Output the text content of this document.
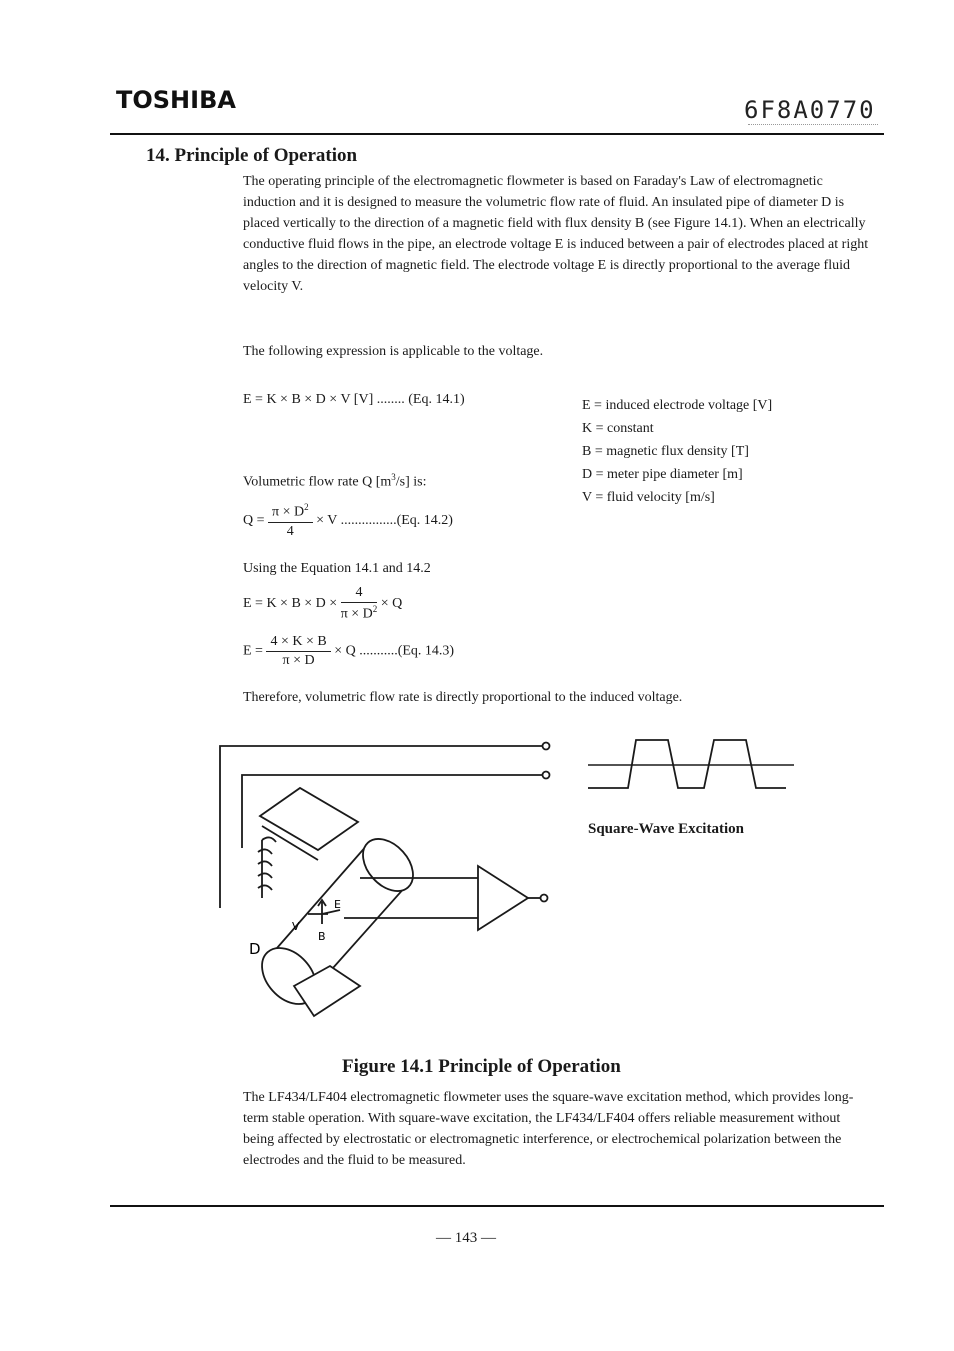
TOSHIBA	6F8A0770
14. Principle of Operation
The operating principle of the electromagnetic flowmeter is based on Faraday's Law of electromagnetic induction and it is designed to measure the volumetric flow rate of fluid. An insulated pipe of diameter D is placed vertically to the direction of a magnetic field with flux density B (see Figure 14.1). When an electrically conductive fluid flows in the pipe, an electrode voltage E is induced between a pair of electrodes placed at right angles to the direction of magnetic field. The electrode voltage E is directly proportional to the average fluid velocity V.
The following expression is applicable to the voltage.
E = K × B × D × V [V] ........ (Eq. 14.1)
Volumetric flow rate Q $[m^3/s]$ is:
$Q = \frac{\pi \times D^2}{4} \times V$ ................(Eq. 14.2)
Using the Equation 14.1 and 14.2
$E = K \times B \times D \times \frac{4}{\pi \times D^2} \times Q$
$E = \frac{4 \times K \times B}{\pi \times D} \times Q$ ...........(Eq. 14.3)
Therefore, volumetric flow rate is directly proportional to the induced voltage.
E = induced electrode voltage [V]
K = constant
B = magnetic flux density [T]
D = meter pipe diameter [m]
V = fluid velocity [m/s]
D
V
E
B
Square-Wave Excitation
Figure 14.1 Principle of Operation
The LF434/LF404 electromagnetic flowmeter uses the square-wave excitation method, which provides long-term stable operation. With square-wave excitation, the LF434/LF404 offers reliable measurement without being affected by electrostatic or electromagnetic interference, or electrochemical polarization between the electrodes and the fluid to be measured.
— 143 —
